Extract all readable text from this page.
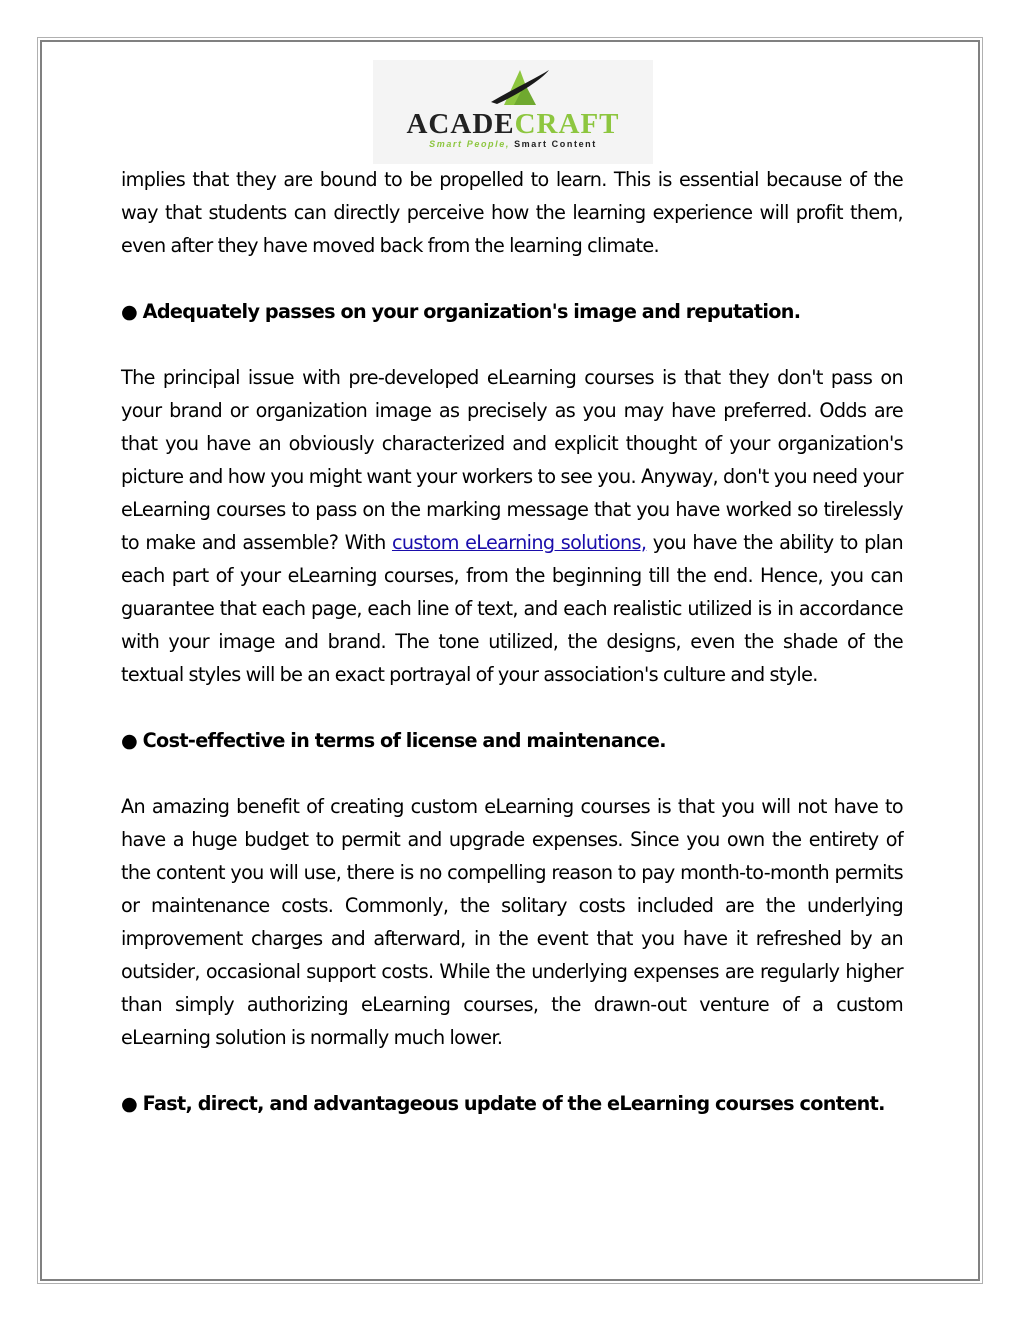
ACADECRAFT
Smart People, Smart Content

implies that they are bound to be propelled to learn. This is essential because of the way that students can directly perceive how the learning experience will profit them, even after they have moved back from the learning climate.

● Adequately passes on your organization's image and reputation.

The principal issue with pre-developed eLearning courses is that they don't pass on your brand or organization image as precisely as you may have preferred. Odds are that you have an obviously characterized and explicit thought of your organization's picture and how you might want your workers to see you. Anyway, don't you need your eLearning courses to pass on the marking message that you have worked so tirelessly to make and assemble? With custom eLearning solutions, you have the ability to plan each part of your eLearning courses, from the beginning till the end. Hence, you can guarantee that each page, each line of text, and each realistic utilized is in accordance with your image and brand. The tone utilized, the designs, even the shade of the textual styles will be an exact portrayal of your association's culture and style.

● Cost-effective in terms of license and maintenance.

An amazing benefit of creating custom eLearning courses is that you will not have to have a huge budget to permit and upgrade expenses. Since you own the entirety of the content you will use, there is no compelling reason to pay month-to-month permits or maintenance costs. Commonly, the solitary costs included are the underlying improvement charges and afterward, in the event that you have it refreshed by an outsider, occasional support costs. While the underlying expenses are regularly higher than simply authorizing eLearning courses, the drawn-out venture of a custom eLearning solution is normally much lower.

● Fast, direct, and advantageous update of the eLearning courses content.
